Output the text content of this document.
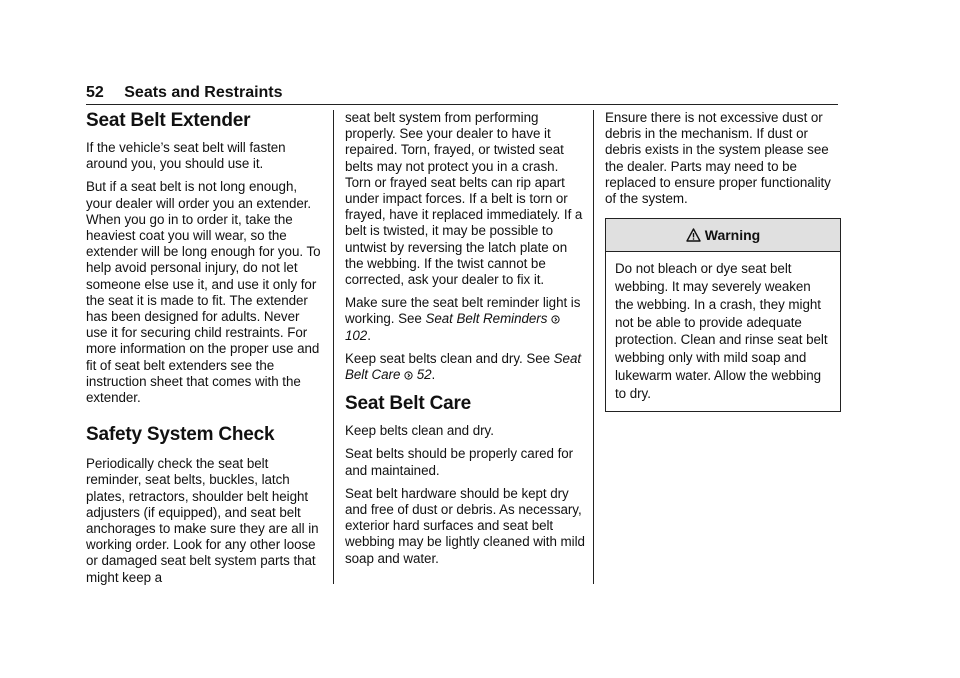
52 Seats and Restraints
Seat Belt Extender

If the vehicle’s seat belt will fasten around you, you should use it.

But if a seat belt is not long enough, your dealer will order you an extender. When you go in to order it, take the heaviest coat you will wear, so the extender will be long enough for you. To help avoid personal injury, do not let someone else use it, and use it only for the seat it is made to fit. The extender has been designed for adults. Never use it for securing child restraints. For more information on the proper use and fit of seat belt extenders see the instruction sheet that comes with the extender.

Safety System Check

Periodically check the seat belt reminder, seat belts, buckles, latch plates, retractors, shoulder belt height adjusters (if equipped), and seat belt anchorages to make sure they are all in working order. Look for any other loose or damaged seat belt system parts that might keep a

seat belt system from performing properly. See your dealer to have it repaired. Torn, frayed, or twisted seat belts may not protect you in a crash. Torn or frayed seat belts can rip apart under impact forces. If a belt is torn or frayed, have it replaced immediately. If a belt is twisted, it may be possible to untwist by reversing the latch plate on the webbing. If the twist cannot be corrected, ask your dealer to fix it.

Make sure the seat belt reminder light is working. See Seat Belt Reminders  102.

Keep seat belts clean and dry. See Seat Belt Care 52.

Seat Belt Care

Keep belts clean and dry.

Seat belts should be properly cared for and maintained.

Seat belt hardware should be kept dry and free of dust or debris. As necessary, exterior hard surfaces and seat belt webbing may be lightly cleaned with mild soap and water.

Ensure there is not excessive dust or debris in the mechanism. If dust or debris exists in the system please see the dealer. Parts may need to be replaced to ensure proper functionality of the system.

Warning

Do not bleach or dye seat belt webbing. It may severely weaken the webbing. In a crash, they might not be able to provide adequate protection. Clean and rinse seat belt webbing only with mild soap and lukewarm water. Allow the webbing to dry.
